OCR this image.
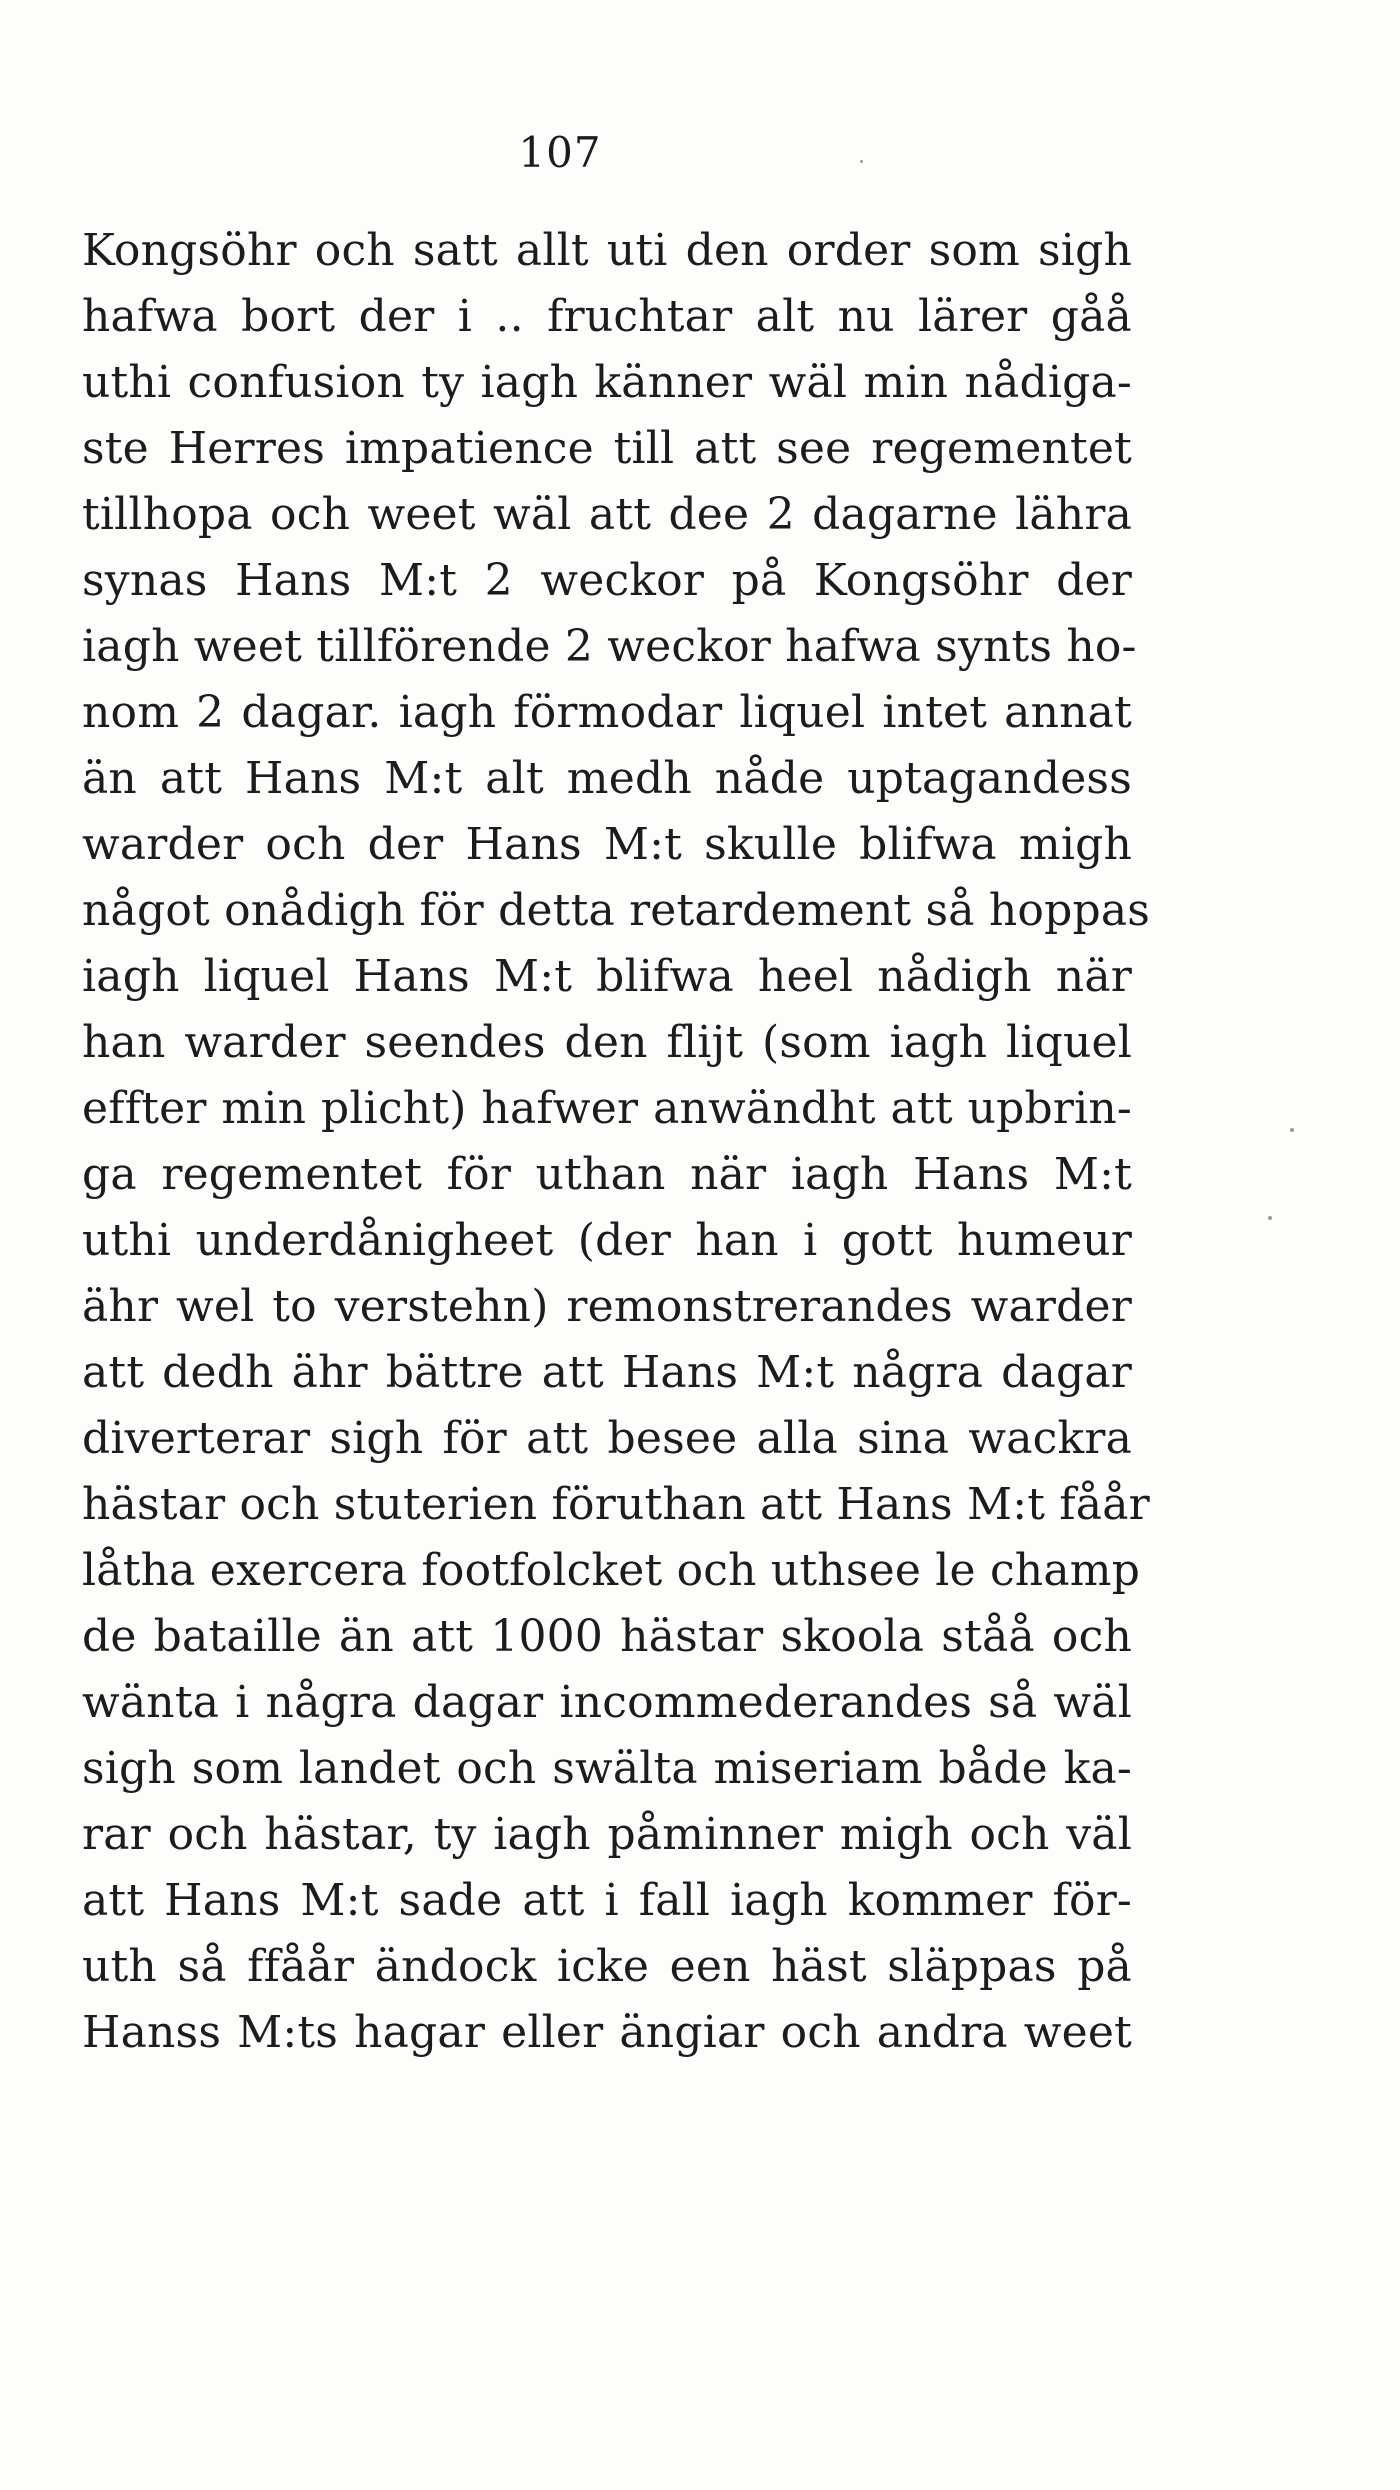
107
Kongsöhr och satt allt uti den order som sigh
hafwa bort der i .. fruchtar alt nu lärer gåå
uthi confusion ty iagh känner wäl min nådiga-
ste Herres impatience till att see regementet
tillhopa och weet wäl att dee 2 dagarne lähra
synas Hans M:t 2 weckor på Kongsöhr der
iagh weet tillförende 2 weckor hafwa synts ho-
nom 2 dagar. iagh förmodar liquel intet annat
än att Hans M:t alt medh nåde uptagandess
warder och der Hans M:t skulle blifwa migh
något onådigh för detta retardement så hoppas
iagh liquel Hans M:t blifwa heel nådigh när
han warder seendes den flijt (som iagh liquel
effter min plicht) hafwer anwändht att upbrin-
ga regementet för uthan när iagh Hans M:t
uthi underdånigheet (der han i gott humeur
ähr wel to verstehn) remonstrerandes warder
att dedh ähr bättre att Hans M:t några dagar
diverterar sigh för att besee alla sina wackra
hästar och stuterien föruthan att Hans M:t fåår
låtha exercera footfolcket och uthsee le champ
de bataille än att 1000 hästar skoola ståå och
wänta i några dagar incommederandes så wäl
sigh som landet och swälta miseriam både ka-
rar och hästar, ty iagh påminner migh och väl
att Hans M:t sade att i fall iagh kommer för-
uth så ffåår ändock icke een häst släppas på
Hanss M:ts hagar eller ängiar och andra weet
